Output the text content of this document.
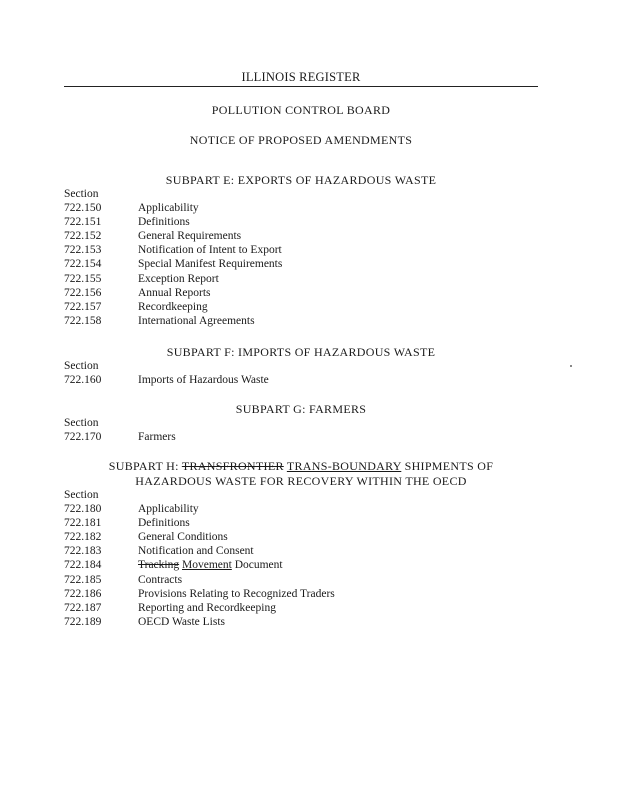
ILLINOIS REGISTER
POLLUTION CONTROL BOARD
NOTICE OF PROPOSED AMENDMENTS
SUBPART E: EXPORTS OF HAZARDOUS WASTE
Section
722.150	Applicability
722.151	Definitions
722.152	General Requirements
722.153	Notification of Intent to Export
722.154	Special Manifest Requirements
722.155	Exception Report
722.156	Annual Reports
722.157	Recordkeeping
722.158	International Agreements
SUBPART F: IMPORTS OF HAZARDOUS WASTE
Section
722.160	Imports of Hazardous Waste
SUBPART G: FARMERS
Section
722.170	Farmers
SUBPART H: TRANSFRONTIER TRANS-BOUNDARY SHIPMENTS OF
HAZARDOUS WASTE FOR RECOVERY WITHIN THE OECD
Section
722.180	Applicability
722.181	Definitions
722.182	General Conditions
722.183	Notification and Consent
722.184	Tracking Movement Document
722.185	Contracts
722.186	Provisions Relating to Recognized Traders
722.187	Reporting and Recordkeeping
722.189	OECD Waste Lists
